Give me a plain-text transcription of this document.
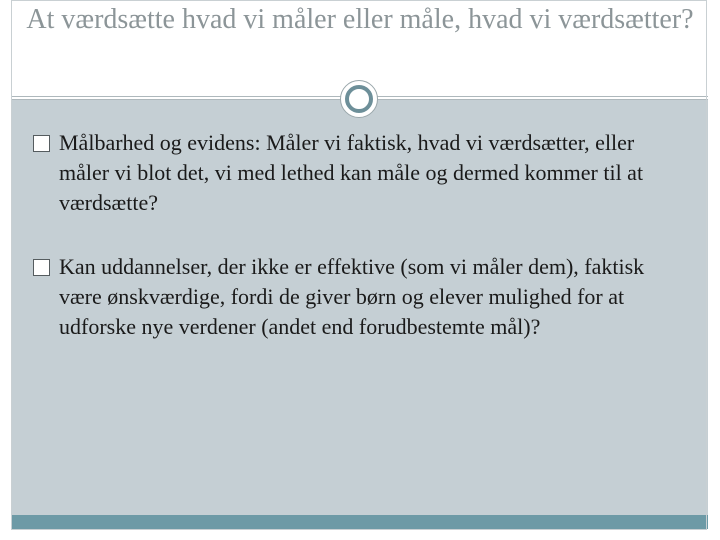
At værdsætte hvad vi måler eller måle, hvad vi værdsætter?
Målbarhed og evidens: Måler vi faktisk, hvad vi værdsætter, eller måler vi blot det, vi med lethed kan måle og dermed kommer til at værdsætte?
Kan uddannelser, der ikke er effektive (som vi måler dem), faktisk være ønskværdige, fordi de giver børn og elever mulighed for at udforske nye verdener (andet end forudbestemte mål)?
